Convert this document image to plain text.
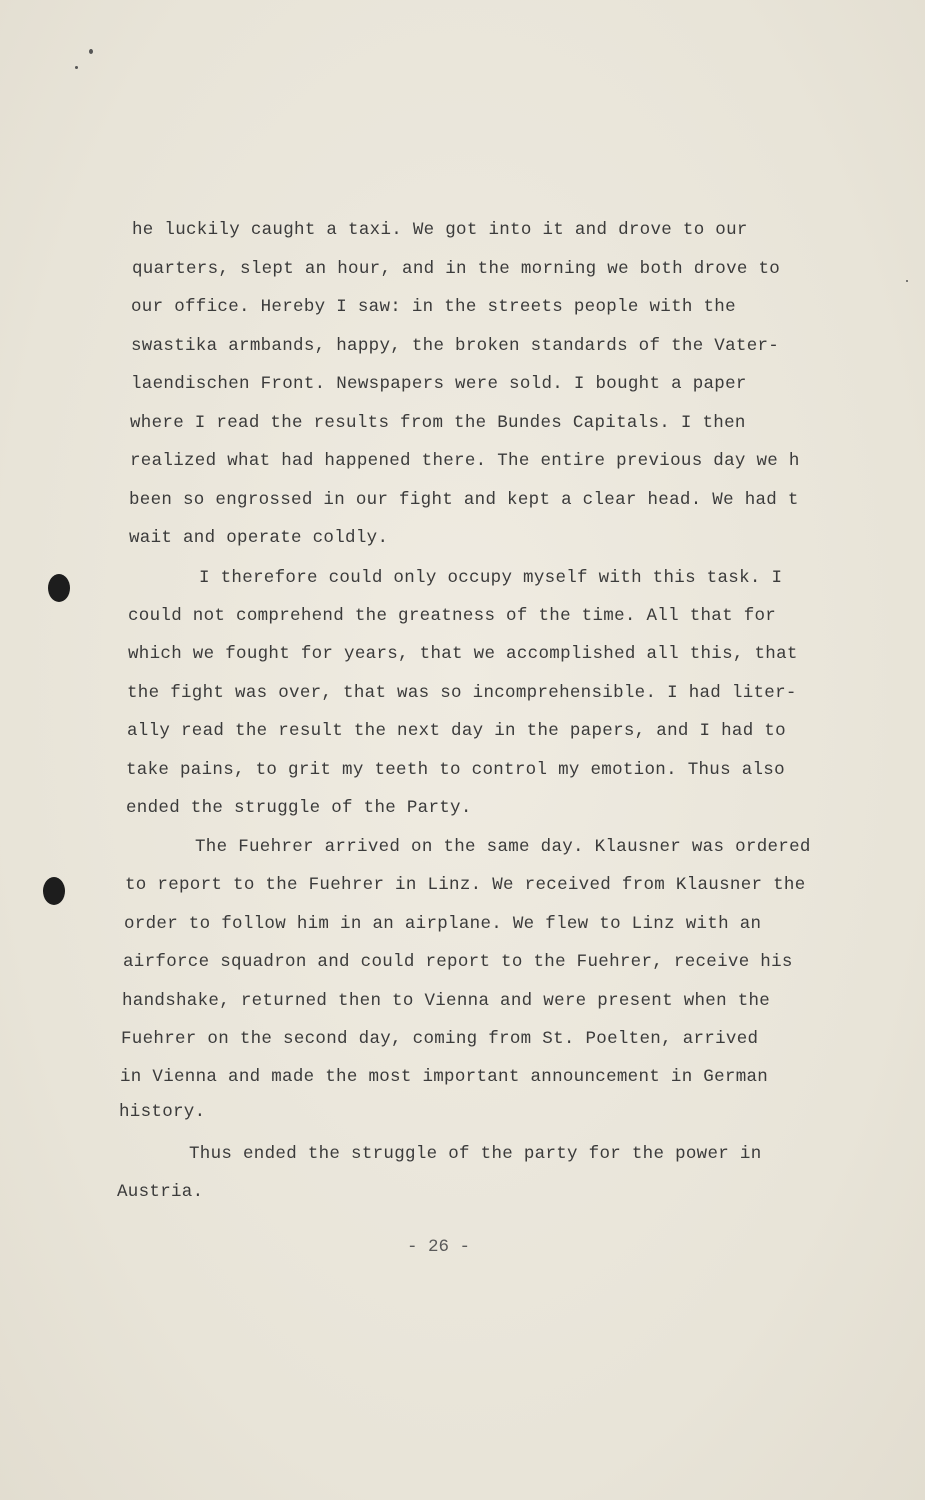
he luckily caught a taxi. We got into it and drove to our
quarters, slept an hour, and in the morning we both drove to
our office. Hereby I saw: in the streets people with the
swastika armbands, happy, the broken standards of the Vater-
laendischen Front. Newspapers were sold. I bought a paper
where I read the results from the Bundes Capitals. I then
realized what had happened there. The entire previous day we h
been so engrossed in our fight and kept a clear head. We had t
wait and operate coldly.
I therefore could only occupy myself with this task. I
could not comprehend the greatness of the time. All that for
which we fought for years, that we accomplished all this, that
the fight was over, that was so incomprehensible. I had liter-
ally read the result the next day in the papers, and I had to
take pains, to grit my teeth to control my emotion. Thus also
ended the struggle of the Party.
The Fuehrer arrived on the same day. Klausner was ordered
to report to the Fuehrer in Linz. We received from Klausner the
order to follow him in an airplane. We flew to Linz with an
airforce squadron and could report to the Fuehrer, receive his
handshake, returned then to Vienna and were present when the
Fuehrer on the second day, coming from St. Poelten, arrived
in Vienna and made the most important announcement in German
history.
Thus ended the struggle of the party for the power in
Austria.
- 26 -
